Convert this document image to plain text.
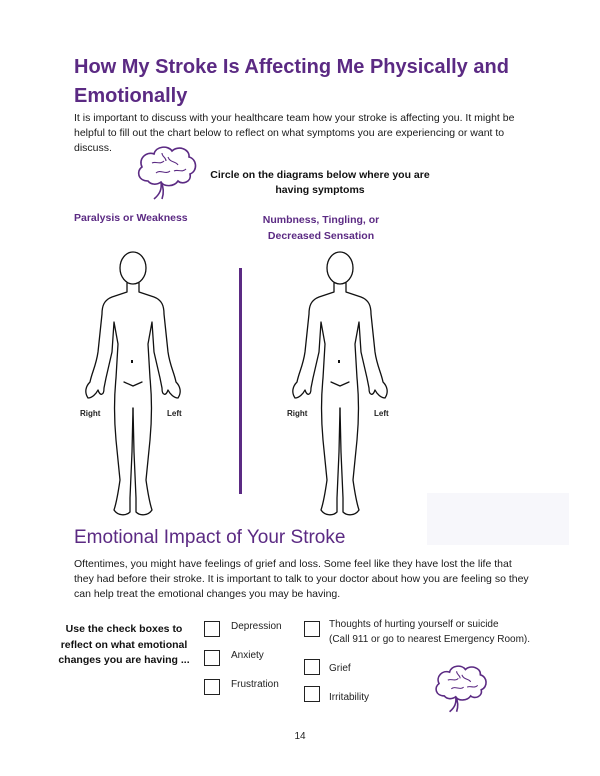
How My Stroke Is Affecting Me Physically and Emotionally
It is important to discuss with your healthcare team how your stroke is affecting you. It might be helpful to fill out the chart below to reflect on what symptoms you are experiencing or want to discuss.
Circle on the diagrams below where you are having symptoms
Paralysis or Weakness	Numbness, Tingling, or Decreased Sensation
Right	Left	Right	Left
Emotional Impact of Your Stroke
Oftentimes, you might have feelings of grief and loss. Some feel like they have lost the life that they had before their stroke. It is important to talk to your doctor about how you are feeling so they can help treat the emotional changes you may be having.
Use the check boxes to reflect on what emotional changes you are having ...
Depression
Anxiety
Frustration
Thoughts of hurting yourself or suicide
(Call 911 or go to nearest Emergency Room).
Grief
Irritability
14
